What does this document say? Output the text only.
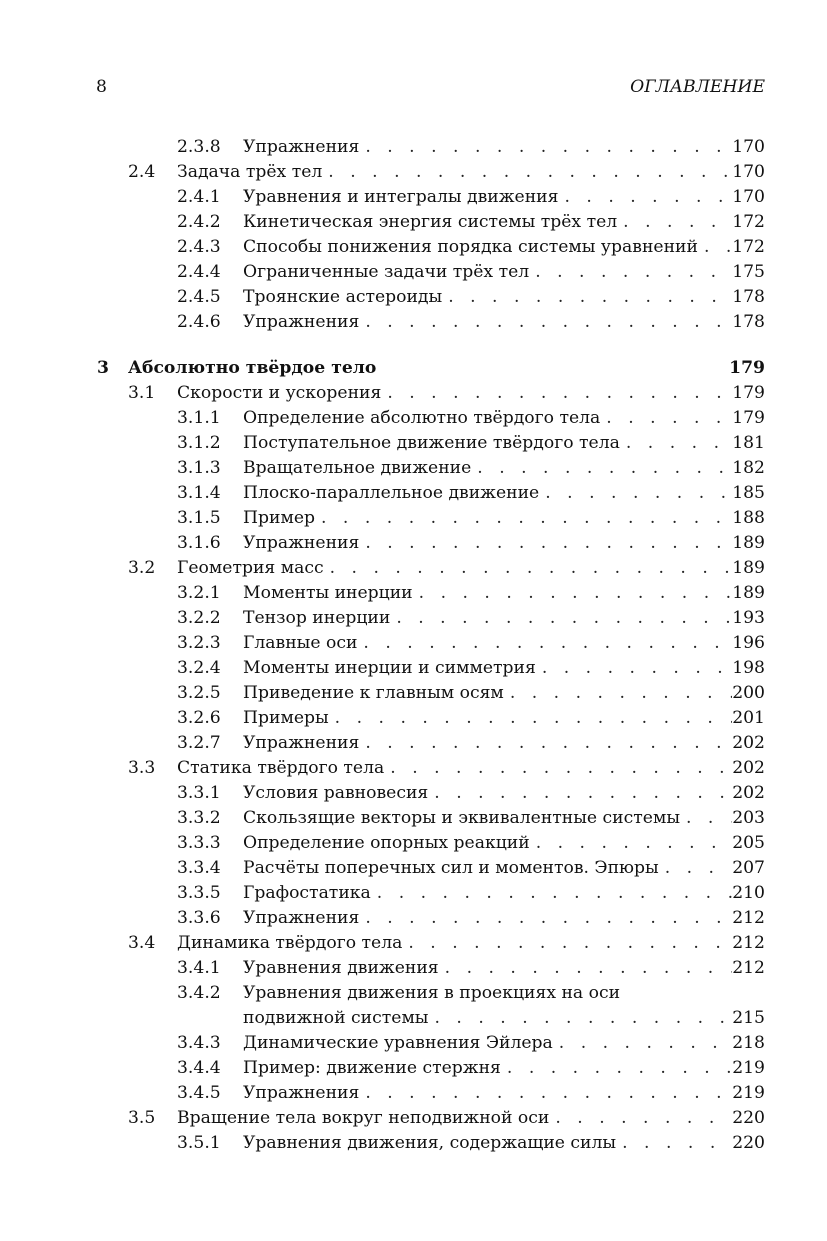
8	ОГЛАВЛЕНИЕ
2.3.8 Упражнения . . .	170
2.4 Задача трёх тел . . .	170
2.4.1 Уравнения и интегралы движения . . .	170
2.4.2 Кинетическая энергия системы трёх тел . . .	172
2.4.3 Способы понижения порядка системы уравнений . . . 172
2.4.4 Ограниченные задачи трёх тел . . .	175
2.4.5 Троянские астероиды . . .	178
2.4.6 Упражнения . . .	178
3 Абсолютно твёрдое тело	179
3.1 Скорости и ускорения . . .	179
3.1.1 Определение абсолютно твёрдого тела . . .	179
3.1.2 Поступательное движение твёрдого тела . . .	181
3.1.3 Вращательное движение . . .	182
3.1.4 Плоско-параллельное движение . . .	185
3.1.5 Пример . . .	188
3.1.6 Упражнения . . .	189
3.2 Геометрия масс . . .	189
3.2.1 Моменты инерции . . .	189
3.2.2 Тензор инерции . . .	193
3.2.3 Главные оси . . .	196
3.2.4 Моменты инерции и симметрия . . .	198
3.2.5 Приведение к главным осям . . .	200
3.2.6 Примеры . . .	201
3.2.7 Упражнения . . .	202
3.3 Статика твёрдого тела . . .	202
3.3.1 Условия равновесия . . .	202
3.3.2 Скользящие векторы и эквивалентные системы . . .	203
3.3.3 Определение опорных реакций . . .	205
3.3.4 Расчёты поперечных сил и моментов. Эпюры . . .	207
3.3.5 Графостатика . . .	210
3.3.6 Упражнения . . .	212
3.4 Динамика твёрдого тела . . .	212
3.4.1 Уравнения движения . . .	212
3.4.2 Уравнения движения в проекциях на оси
подвижной системы . . .	215
3.4.3 Динамические уравнения Эйлера . . .	218
3.4.4 Пример: движение стержня . . .	219
3.4.5 Упражнения . . .	219
3.5 Вращение тела вокруг неподвижной оси . . .	220
3.5.1 Уравнения движения, содержащие силы . . .	220
